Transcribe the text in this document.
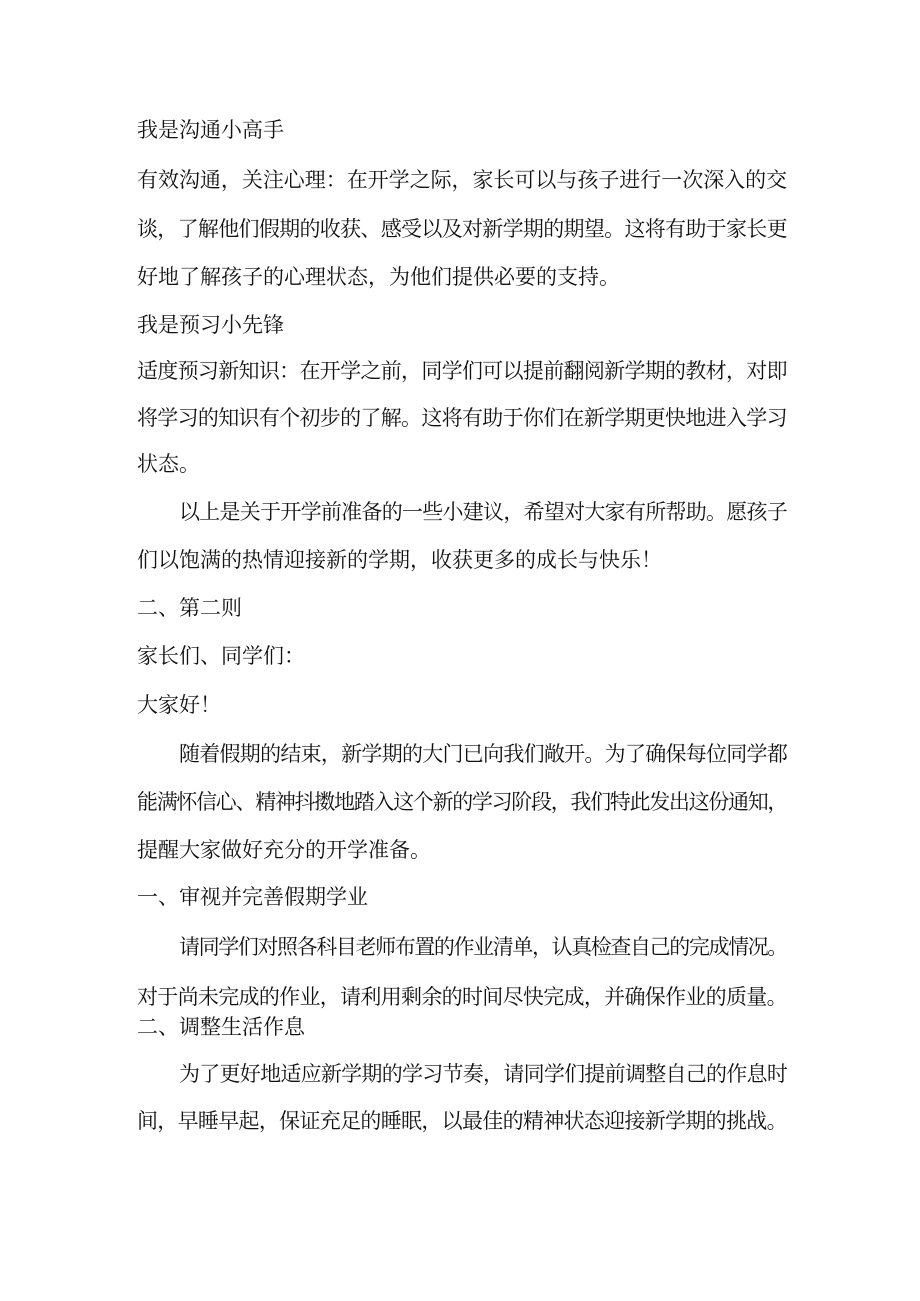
我是沟通小高手

有效沟通，关注心理：在开学之际，家长可以与孩子进行一次深入的交

谈，了解他们假期的收获、感受以及对新学期的期望。这将有助于家长更

好地了解孩子的心理状态，为他们提供必要的支持。

我是预习小先锋

适度预习新知识：在开学之前，同学们可以提前翻阅新学期的教材，对即

将学习的知识有个初步的了解。这将有助于你们在新学期更快地进入学习

状态。

以上是关于开学前准备的一些小建议，希望对大家有所帮助。愿孩子

们以饱满的热情迎接新的学期，收获更多的成长与快乐！

二、第二则

家长们、同学们：

大家好！

随着假期的结束，新学期的大门已向我们敞开。为了确保每位同学都

能满怀信心、精神抖擞地踏入这个新的学习阶段，我们特此发出这份通知，

提醒大家做好充分的开学准备。

一、审视并完善假期学业

请同学们对照各科目老师布置的作业清单，认真检查自己的完成情况。

对于尚未完成的作业，请利用剩余的时间尽快完成，并确保作业的质量。

二、调整生活作息

为了更好地适应新学期的学习节奏，请同学们提前调整自己的作息时

间，早睡早起，保证充足的睡眠，以最佳的精神状态迎接新学期的挑战。
